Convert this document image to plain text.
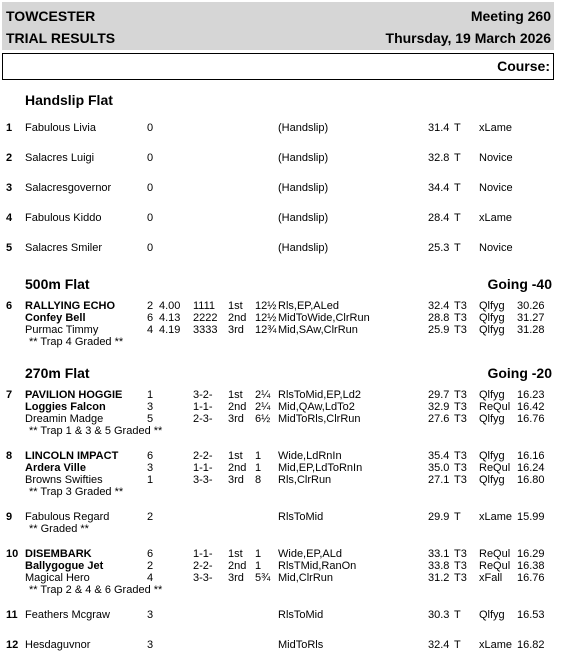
TOWCESTER
TRIAL RESULTS
Meeting 260
Thursday, 19 March 2026
Course:
Handslip Flat
1 Fabulous Livia	0	(Handslip)	31.4 T xLame
2 Salacres Luigi	0	(Handslip)	32.8 T Novice
3 Salacresgovernor	0	(Handslip)	34.4 T Novice
4 Fabulous Kiddo	0	(Handslip)	28.4 T xLame
5 Salacres Smiler	0	(Handslip)	25.3 T Novice
500m Flat	Going -40
6 RALLYING ECHO	2 4.00 1111 1st 12½ Rls,EP,ALed	32.4 T3 Qlfyg 30.26
Confey Bell	6 4.13 2222 2nd 12½ MidToWide,ClrRun	28.8 T3 Qlfyg 31.27
Purmac Timmy	4 4.19 3333 3rd 12¾ Mid,SAw,ClrRun	25.9 T3 Qlfyg 31.28
** Trap 4 Graded **
270m Flat	Going -20
7 PAVILION HOGGIE 1	3-2- 1st 2¼ RlsToMid,EP,Ld2	29.7 T3 Qlfyg 16.23
Loggies Falcon	3	1-1- 2nd 2¼ Mid,QAw,LdTo2	32.9 T3 ReQul 16.42
Dreamin Madge	5	2-3- 3rd 6½ MidToRls,ClrRun	27.6 T3 Qlfyg 16.76
** Trap 1 & 3 & 5 Graded **
8 LINCOLN IMPACT	6	2-2- 1st 1 Wide,LdRnIn	35.4 T3 Qlfyg 16.16
Ardera Ville	3	1-1- 2nd 1 Mid,EP,LdToRnIn	35.0 T3 ReQul 16.24
Browns Swifties	1	3-3- 3rd 8 Rls,ClrRun	27.1 T3 Qlfyg 16.80
** Trap 3 Graded **
9 Fabulous Regard	2	RlsToMid	29.9 T xLame 15.99
** Graded **
10 DISEMBARK	6	1-1- 1st 1 Wide,EP,ALd	33.1 T3 ReQul 16.29
Ballygogue Jet	2	2-2- 2nd 1 RlsTMid,RanOn	33.8 T3 ReQul 16.38
Magical Hero	4	3-3- 3rd 5¾ Mid,ClrRun	31.2 T3 xFall 16.76
** Trap 2 & 4 & 6 Graded **
11 Feathers Mcgraw	3	RlsToMid	30.3 T Qlfyg 16.53
12 Hesdaguvnor	3	MidToRls	32.4 T xLame 16.82
